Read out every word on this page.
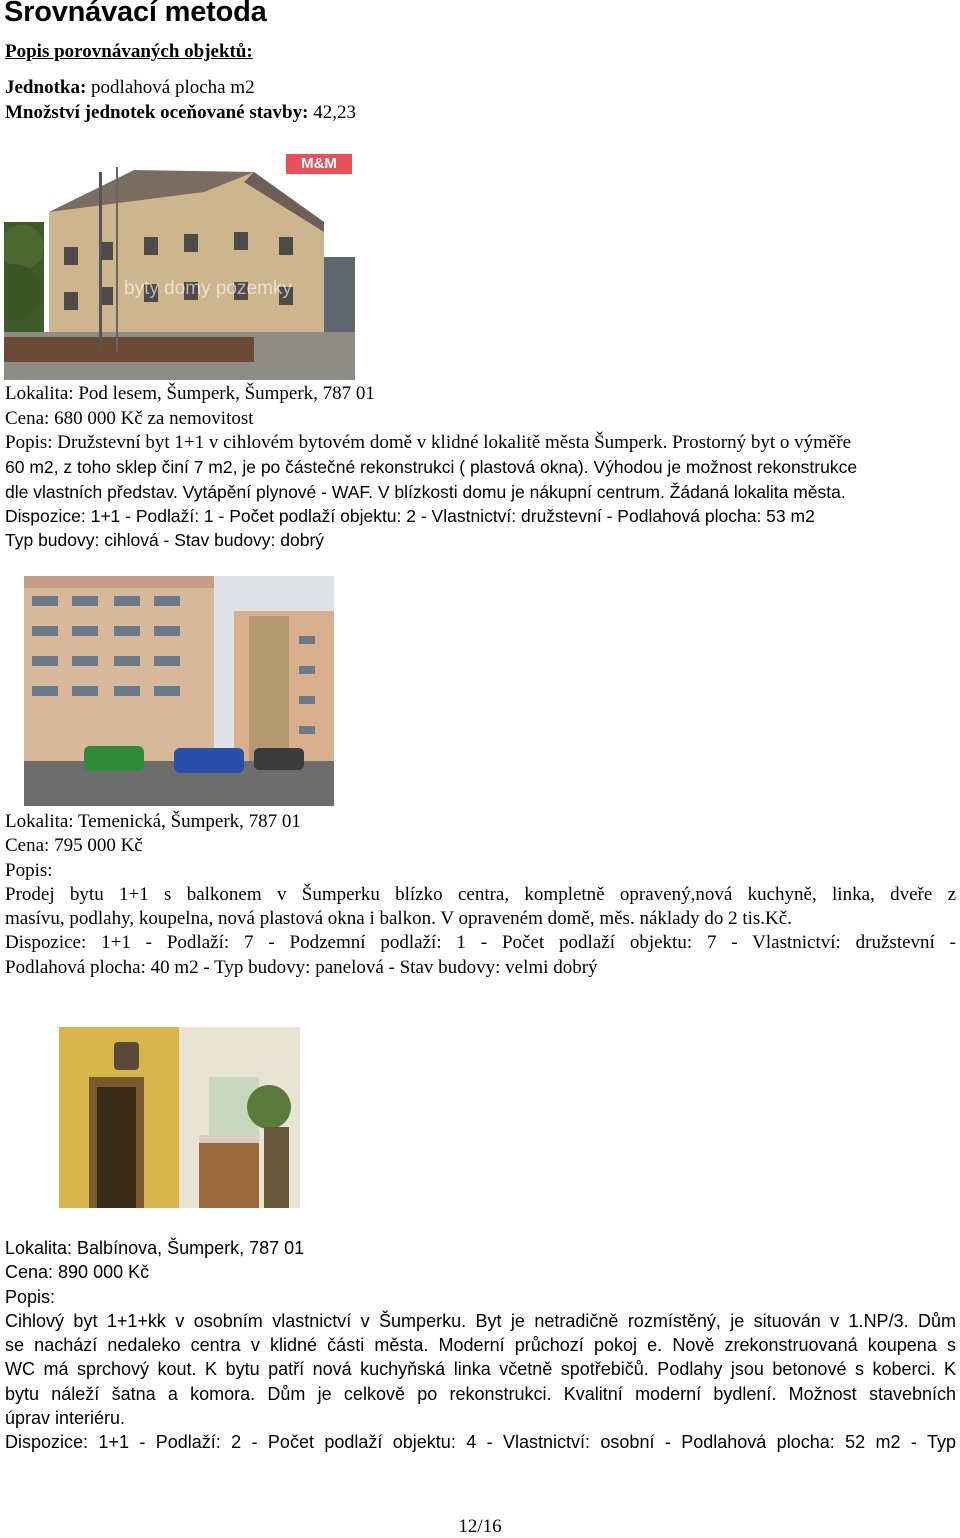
Srovnávací metoda
Popis porovnávaných objektů:
Jednotka: podlahová plocha m2
Množství jednotek oceňované stavby: 42,23
M&M reality
byty domy pozemky
Lokalita: Pod lesem, Šumperk, Šumperk, 787 01
Cena: 680 000 Kč za nemovitost
Popis: Družstevní byt 1+1 v cihlovém bytovém domě v klidné lokalitě města Šumperk. Prostorný byt o výměře
60 m2, z toho sklep činí 7 m2, je po částečné rekonstrukci ( plastová okna). Výhodou je možnost rekonstrukce
dle vlastních představ. Vytápění plynové - WAF. V blízkosti domu je nákupní centrum. Žádaná lokalita města.
Dispozice: 1+1 - Podlaží: 1 - Počet podlaží objektu: 2 - Vlastnictví: družstevní - Podlahová plocha: 53 m2
Typ budovy: cihlová - Stav budovy: dobrý
Lokalita: Temenická, Šumperk, 787 01
Cena: 795 000 Kč
Popis:
Prodej bytu 1+1 s balkonem v Šumperku blízko centra, kompletně opravený,nová kuchyně, linka, dveře z
masívu, podlahy, koupelna, nová plastová okna i balkon. V opraveném domě, měs. náklady do 2 tis.Kč.
Dispozice: 1+1 - Podlaží: 7 - Podzemní podlaží: 1 - Počet podlaží objektu: 7 - Vlastnictví: družstevní -
Podlahová plocha: 40 m2 - Typ budovy: panelová - Stav budovy: velmi dobrý
Lokalita: Balbínova, Šumperk, 787 01
Cena: 890 000 Kč
Popis:
Cihlový byt 1+1+kk v osobním vlastnictví v Šumperku. Byt je netradičně rozmístěný, je situován v 1.NP/3. Dům
se nachází nedaleko centra v klidné části města. Moderní průchozí pokoj e. Nově zrekonstruovaná koupena s
WC má sprchový kout. K bytu patří nová kuchyňská linka včetně spotřebičů. Podlahy jsou betonové s koberci. K
bytu náleží šatna a komora. Dům je celkově po rekonstrukci. Kvalitní moderní bydlení. Možnost stavebních
úprav interiéru.
Dispozice: 1+1 - Podlaží: 2 - Počet podlaží objektu: 4 - Vlastnictví: osobní - Podlahová plocha: 52 m2 - Typ
12/16
